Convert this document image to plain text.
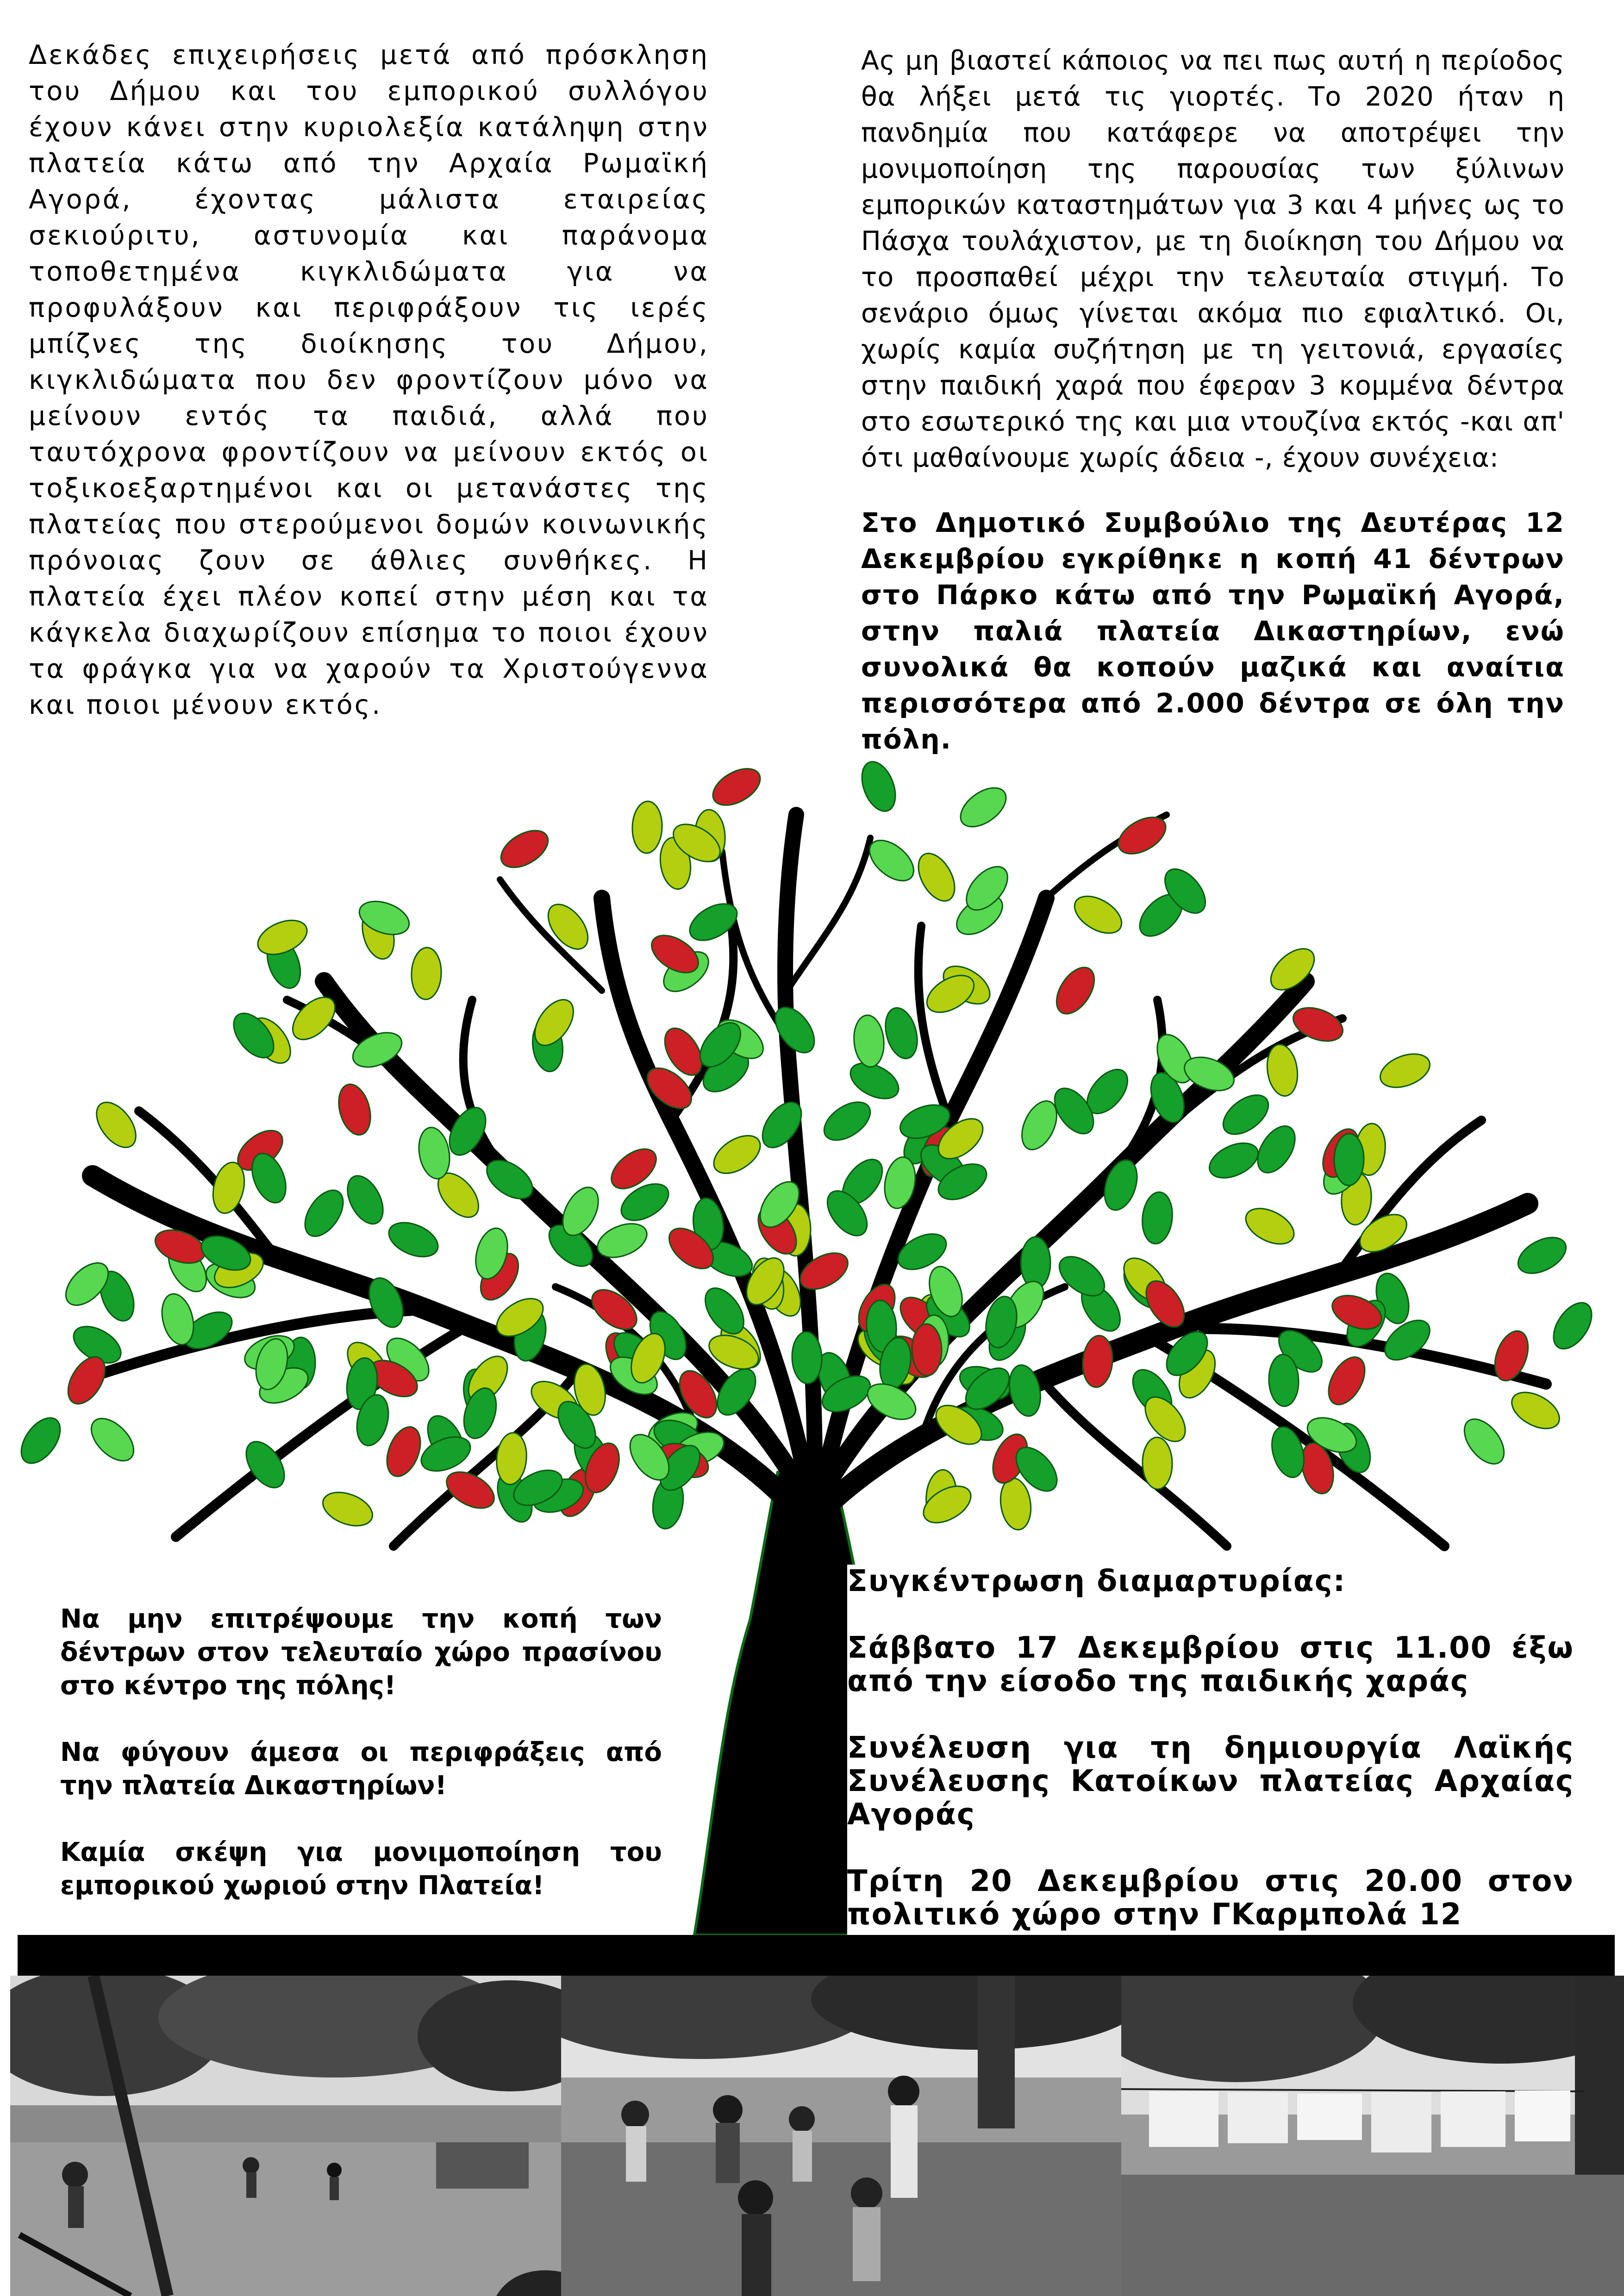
Δεκάδες επιχειρήσεις μετά από πρόσκληση του Δήμου και του εμπορικού συλλόγου έχουν κάνει στην κυριολεξία κατάληψη στην πλατεία κάτω από την Αρχαία Ρωμαϊκή Αγορά, έχοντας μάλιστα εταιρείας σεκιούριτυ, αστυνομία και παράνομα τοποθετημένα κιγκλιδώματα για να προφυλάξουν και περιφράξουν τις ιερές μπίζνες της διοίκησης του Δήμου, κιγκλιδώματα που δεν φροντίζουν μόνο να μείνουν εντός τα παιδιά, αλλά που ταυτόχρονα φροντίζουν να μείνουν εκτός οι τοξικοεξαρτημένοι και οι μετανάστες της πλατείας που στερούμενοι δομών κοινωνικής πρόνοιας ζουν σε άθλιες συνθήκες. Η πλατεία έχει πλέον κοπεί στην μέση και τα κάγκελα διαχωρίζουν επίσημα το ποιοι έχουν τα φράγκα για να χαρούν τα Χριστούγεννα και ποιοι μένουν εκτός.
Ας μη βιαστεί κάποιος να πει πως αυτή η περίοδος θα λήξει μετά τις γιορτές. Το 2020 ήταν η πανδημία που κατάφερε να αποτρέψει την μονιμοποίηση της παρουσίας των ξύλινων εμπορικών καταστημάτων για 3 και 4 μήνες ως το Πάσχα τουλάχιστον, με τη διοίκηση του Δήμου να το προσπαθεί μέχρι την τελευταία στιγμή. Το σενάριο όμως γίνεται ακόμα πιο εφιαλτικό. Οι, χωρίς καμία συζήτηση με τη γειτονιά, εργασίες στην παιδική χαρά που έφεραν 3 κομμένα δέντρα στο εσωτερικό της και μια ντουζίνα εκτός -και απ' ότι μαθαίνουμε χωρίς άδεια -, έχουν συνέχεια:
Στο Δημοτικό Συμβούλιο της Δευτέρας 12 Δεκεμβρίου εγκρίθηκε η κοπή 41 δέντρων στο Πάρκο κάτω από την Ρωμαϊκή Αγορά, στην παλιά πλατεία Δικαστηρίων, ενώ συνολικά θα κοπούν μαζικά και αναίτια περισσότερα από 2.000 δέντρα σε όλη την πόλη.

Να μην επιτρέψουμε την κοπή των δέντρων στον τελευταίο χώρο πρασίνου στο κέντρο της πόλης!

Να φύγουν άμεσα οι περιφράξεις από την πλατεία Δικαστηρίων!

Καμία σκέψη για μονιμοποίηση του εμπορικού χωριού στην Πλατεία!

Συγκέντρωση διαμαρτυρίας:

Σάββατο 17 Δεκεμβρίου στις 11.00 έξω από την είσοδο της παιδικής χαράς

Συνέλευση για τη δημιουργία Λαϊκής Συνέλευσης Κατοίκων πλατείας Αρχαίας Αγοράς

Τρίτη 20 Δεκεμβρίου στις 20.00 στον πολιτικό χώρο στην ΓΚαρμπολά 12
